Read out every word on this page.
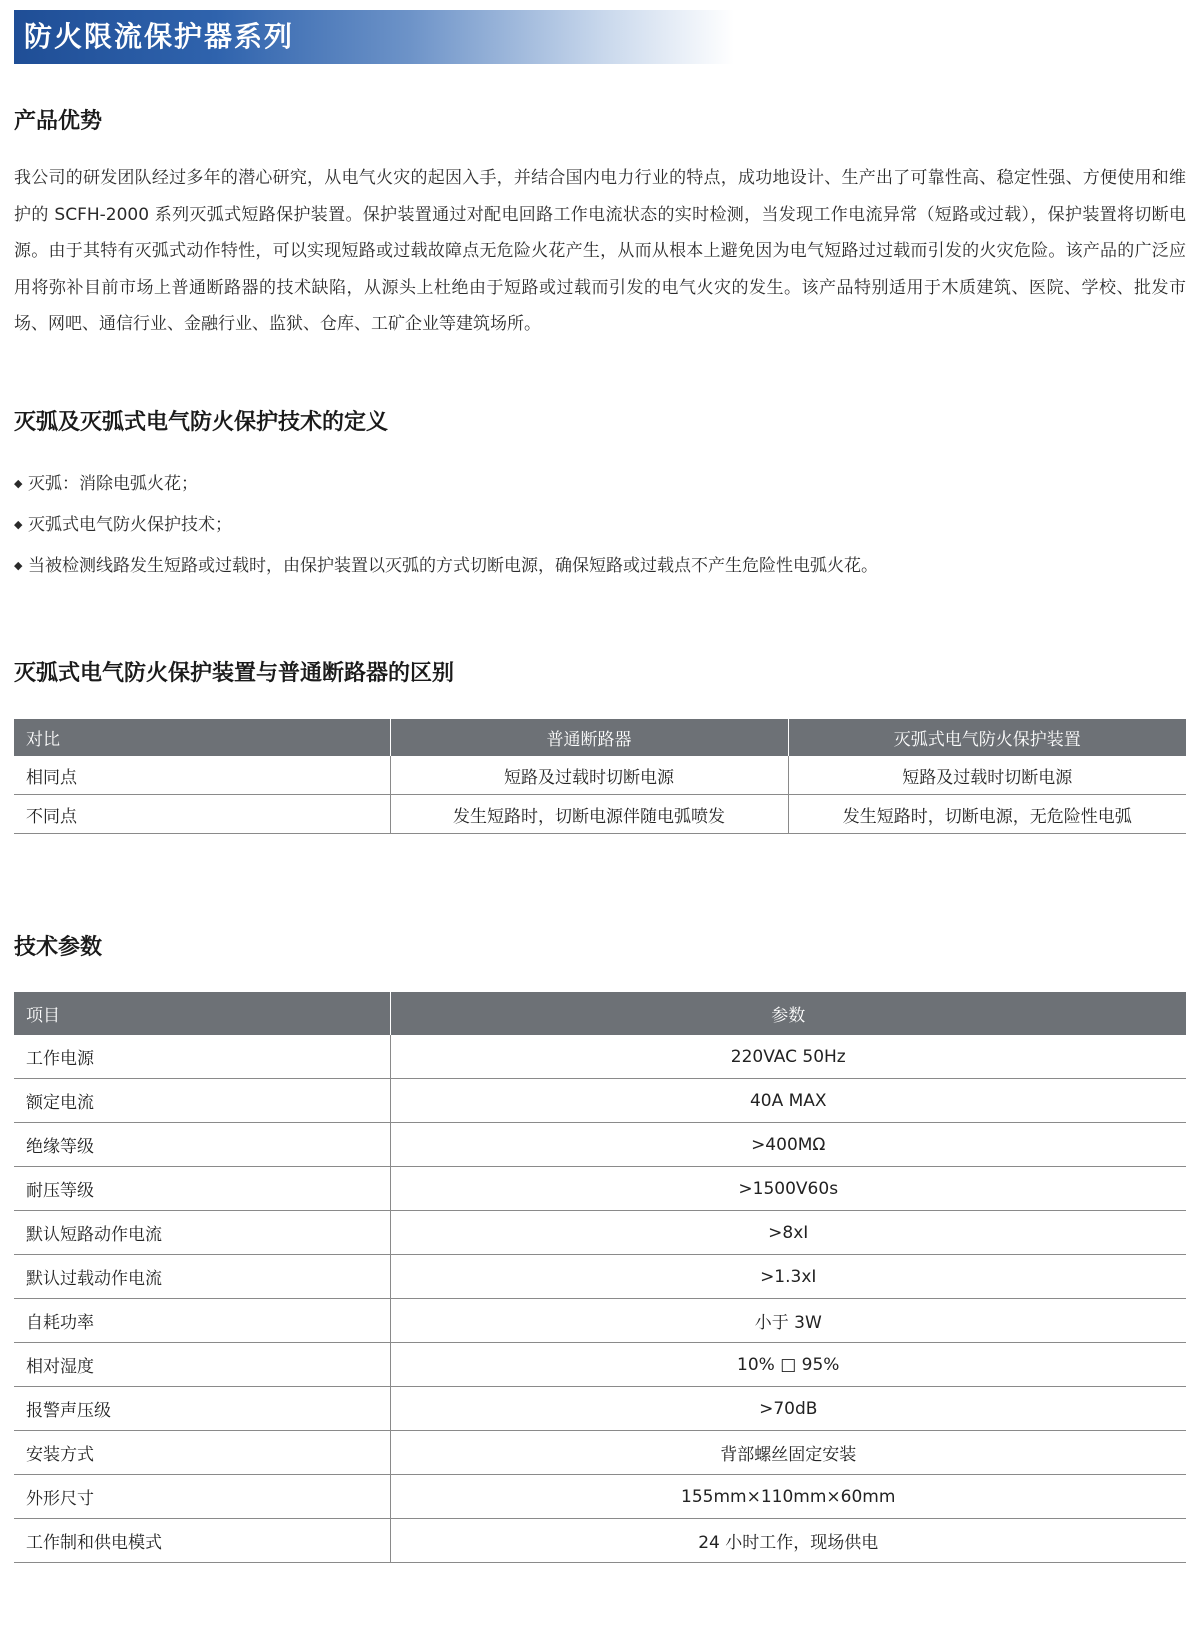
防火限流保护器系列
产品优势
我公司的研发团队经过多年的潜心研究，从电气火灾的起因入手，并结合国内电力行业的特点，成功地设计、生产出了可靠性高、稳定性强、方便使用和维护的 SCFH-2000 系列灭弧式短路保护装置。保护装置通过对配电回路工作电流状态的实时检测，当发现工作电流异常（短路或过载），保护装置将切断电源。由于其特有灭弧式动作特性，可以实现短路或过载故障点无危险火花产生，从而从根本上避免因为电气短路过过载而引发的火灾危险。该产品的广泛应用将弥补目前市场上普通断路器的技术缺陷，从源头上杜绝由于短路或过载而引发的电气火灾的发生。该产品特别适用于木质建筑、医院、学校、批发市场、网吧、通信行业、金融行业、监狱、仓库、工矿企业等建筑场所。
灭弧及灭弧式电气防火保护技术的定义
◆ 灭弧：消除电弧火花；
◆ 灭弧式电气防火保护技术；
◆ 当被检测线路发生短路或过载时，由保护装置以灭弧的方式切断电源，确保短路或过载点不产生危险性电弧火花。
灭弧式电气防火保护装置与普通断路器的区别
对比	普通断路器	灭弧式电气防火保护装置
相同点	短路及过载时切断电源	短路及过载时切断电源
不同点	发生短路时，切断电源伴随电弧喷发	发生短路时，切断电源，无危险性电弧
技术参数
项目	参数
工作电源	220VAC 50Hz
额定电流	40A MAX
绝缘等级	>400MΩ
耐压等级	>1500V60s
默认短路动作电流	>8xI
默认过载动作电流	>1.3xI
自耗功率	小于 3W
相对湿度	10% □ 95%
报警声压级	>70dB
安装方式	背部螺丝固定安装
外形尺寸	155mm×110mm×60mm
工作制和供电模式	24 小时工作，现场供电
